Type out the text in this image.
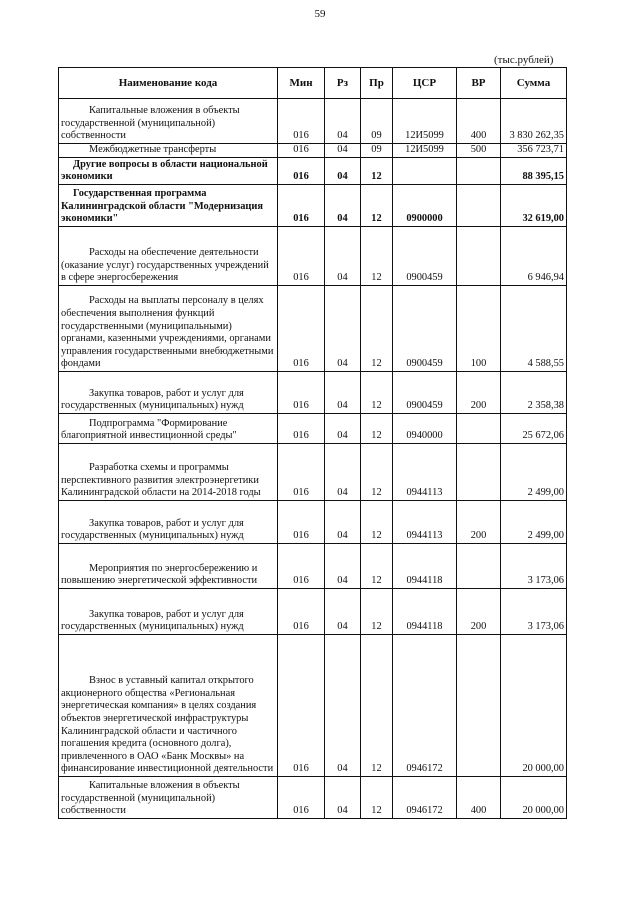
59
(тыс.рублей)
Наименование кода	Мин	Рз	Пр	ЦСР	ВР	Сумма

Капитальные вложения в объекты государственной (муниципальной) собственности	016	04	09	12И5099	400	3 830 262,35

Межбюджетные трансферты	016	04	09	12И5099	500	356 723,71

Другие вопросы в области национальной экономики	016	04	12			88 395,15

Государственная программа Калининградской области "Модернизация экономики"	016	04	12	0900000		32 619,00

Расходы на обеспечение деятельности (оказание услуг) государственных учреждений в сфере энергосбережения	016	04	12	0900459		6 946,94

Расходы на выплаты персоналу в целях обеспечения выполнения функций государственными (муниципальными) органами, казенными учреждениями, органами управления государственными внебюджетными фондами	016	04	12	0900459	100	4 588,55

Закупка товаров, работ и услуг для государственных (муниципальных) нужд	016	04	12	0900459	200	2 358,38

Подпрограмма "Формирование благоприятной инвестиционной среды"	016	04	12	0940000		25 672,06

Разработка схемы и программы перспективного развития электроэнергетики Калининградской области на 2014-2018 годы	016	04	12	0944113		2 499,00

Закупка товаров, работ и услуг для государственных (муниципальных) нужд	016	04	12	0944113	200	2 499,00

Мероприятия по энергосбережению и повышению энергетической эффективности	016	04	12	0944118		3 173,06

Закупка товаров, работ и услуг для государственных (муниципальных) нужд	016	04	12	0944118	200	3 173,06

Взнос в уставный капитал открытого акционерного общества «Региональная энергетическая компания» в целях создания объектов энергетической инфраструктуры Калининградской области и частичного погашения кредита (основного долга), привлеченного в ОАО «Банк Москвы» на финансирование инвестиционной деятельности	016	04	12	0946172		20 000,00

Капитальные вложения в объекты государственной (муниципальной) собственности	016	04	12	0946172	400	20 000,00
